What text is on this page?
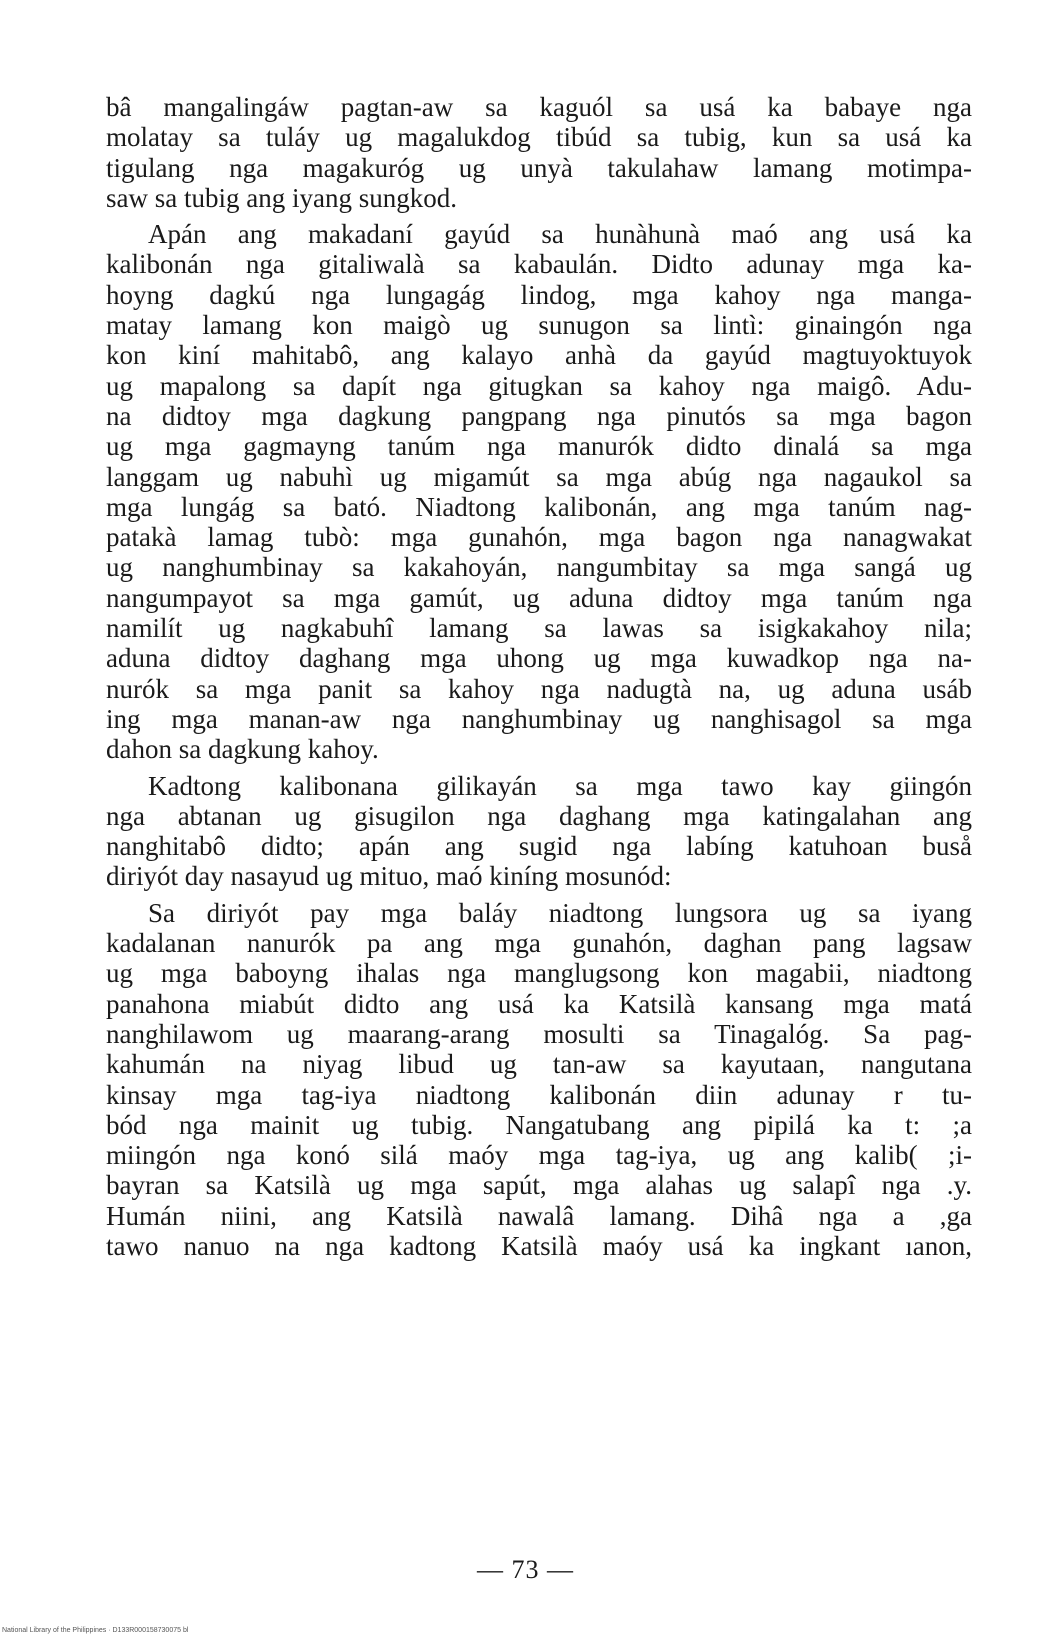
bâ mangalingáw pagtan-aw sa kaguól sa usá ka babaye nga
molatay sa tuláy ug magalukdog tibúd sa tubig, kun sa usá ka
tigulang nga magakuróg ug unyà takulahaw lamang motimpa-
saw sa tubig ang iyang sungkod.
Apán ang makadaní gayúd sa hunàhunà maó ang usá ka
kalibonán nga gitaliwalà sa kabaulán. Didto adunay mga ka-
hoyng dagkú nga lungagág lindog, mga kahoy nga manga-
matay lamang kon maigò ug sunugon sa lintì: ginaingón nga
kon kiní mahitabô, ang kalayo anhà da gayúd magtuyoktuyok
ug mapalong sa dapít nga gitugkan sa kahoy nga maigô. Adu-
na didtoy mga dagkung pangpang nga pinutós sa mga bagon
ug mga gagmayng tanúm nga manurók didto dinalá sa mga
langgam ug nabuhì ug migamút sa mga abúg nga nagaukol sa
mga lungág sa bató. Niadtong kalibonán, ang mga tanúm nag-
patakà lamag tubò: mga gunahón, mga bagon nga nanagwakat
ug nanghumbinay sa kakahoyán, nangumbitay sa mga sangá ug
nangumpayot sa mga gamút, ug aduna didtoy mga tanúm nga
namilít ug nagkabuhî lamang sa lawas sa isigkakahoy nila;
aduna didtoy daghang mga uhong ug mga kuwadkop nga na-
nurók sa mga panit sa kahoy nga nadugtà na, ug aduna usáb
ing mga manan-aw nga nanghumbinay ug nanghisagol sa mga
dahon sa dagkung kahoy.
Kadtong kalibonana gilikayán sa mga tawo kay giingón
nga abtanan ug gisugilon nga daghang mga katingalahan ang
nanghitabô didto; apán ang sugid nga labíng katuhoan buså
diriyót day nasayud ug mituo, maó kiníng mosunód:
Sa diriyót pay mga baláy niadtong lungsora ug sa iyang
kadalanan nanurók pa ang mga gunahón, daghan pang lagsaw
ug mga baboyng ihalas nga manglugsong kon magabii, niadtong
panahona miabút didto ang usá ka Katsilà kansang mga matá
nanghilawom ug maarang-arang mosulti sa Tinagalóg. Sa pag-
kahumán na niyag libud ug tan-aw sa kayutaan, nangutana
kinsay mga tag-iya niadtong kalibonán diin adunay r tu-
bód nga mainit ug tubig. Nangatubang ang pipilá ka t: ;a
miingón nga konó silá maóy mga tag-iya, ug ang kalib( ;i-
bayran sa Katsilà ug mga sapút, mga alahas ug salapî nga .y.
Humán niini, ang Katsilà nawalâ lamang. Dihâ nga a ,ga
tawo nanuo na nga kadtong Katsilà maóy usá ka ingkant ıanon,
— 73 —
National Library of the Philippines · D133R000158730075 bl
